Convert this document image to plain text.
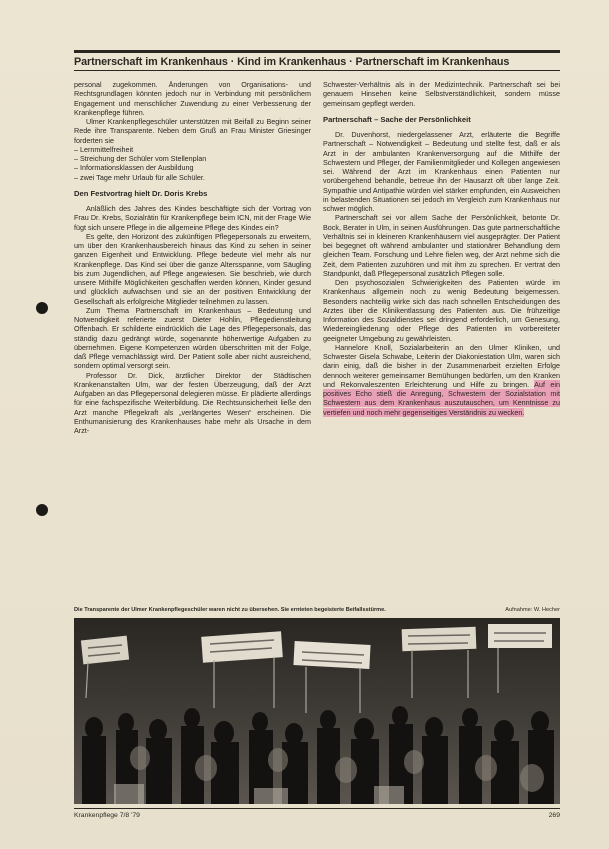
Partnerschaft im Krankenhaus · Kind im Krankenhaus · Partnerschaft im Krankenhaus

personal zugekommen. Änderungen von Organisations- und Rechtsgrundlagen könnten jedoch nur in Verbindung mit persönlichem Engagement und menschlicher Zuwendung zu einer Verbesserung der Krankenpflege führen.

Ulmer Krankenpflegeschüler unterstützen mit Beifall zu Beginn seiner Rede ihre Transparente. Neben dem Gruß an Frau Minister Griesinger forderten sie

– Lernmittelfreiheit
– Streichung der Schüler vom Stellenplan
– Informationsklassen der Ausbildung
– zwei Tage mehr Urlaub für alle Schüler.
Den Festvortrag hielt Dr. Doris Krebs

Anläßlich des Jahres des Kindes beschäftigte sich der Vortrag von Frau Dr. Krebs, Sozialrätin für Krankenpflege beim ICN, mit der Frage Wie fügt sich unsere Pflege in die allgemeine Pflege des Kindes ein?

Es gelte, den Horizont des zukünftigen Pflegepersonals zu erweitern, um über den Krankenhausbereich hinaus das Kind zu sehen in seiner ganzen Eigenheit und Entwicklung. Pflege bedeute viel mehr als nur Krankenpflege. Das Kind sei über die ganze Altersspanne, vom Säugling bis zum Jugendlichen, auf Pflege angewiesen. Sie beschrieb, wie durch unsere Mithilfe Möglichkeiten geschaffen werden können, Kinder gesund und glücklich aufwachsen und sie an der positiven Entwicklung der Gesellschaft als erfolgreiche Mitglieder teilnehmen zu lassen.

Zum Thema Partnerschaft im Krankenhaus – Bedeutung und Notwendigkeit referierte zuerst Dieter Hohlin, Pflegedienstleitung Offenbach. Er schilderte eindrücklich die Lage des Pflegepersonals, das ständig dazu gedrängt würde, sogenannte höherwertige Aufgaben zu übernehmen. Eigene Kompetenzen würden überschritten mit der Folge, daß Pflege vernachlässigt wird. Der Patient solle aber nicht ausreichend, sondern optimal versorgt sein.

Professor Dr. Dick, ärztlicher Direktor der Städtischen Krankenanstalten Ulm, war der festen Überzeugung, daß der Arzt Aufgaben an das Pflegepersonal delegieren müsse. Er plädierte allerdings für eine fachspezifische Weiterbildung. Die Rechtsunsicherheit ließe den Arzt manche Pflegekraft als „verlängertes Wesen“ erscheinen. Die Enthumanisierung des Krankenhauses habe mehr als Ursache in dem Arzt-

Schwester-Verhältnis als in der Medizintechnik. Partnerschaft sei bei genauem Hinsehen keine Selbstverständlichkeit, sondern müsse gemeinsam gepflegt werden.

Partnerschaft – Sache der Persönlichkeit

Dr. Duvenhorst, niedergelassener Arzt, erläuterte die Begriffe Partnerschaft – Notwendigkeit – Bedeutung und stellte fest, daß er als Arzt in der ambulanten Krankenversorgung auf die Mithilfe der Schwestern und Pfleger, der Familienmitglieder und Kollegen angewiesen sei. Während der Arzt im Krankenhaus einen Patienten nur vorübergehend behandle, betreue ihn der Hausarzt oft über lange Zeit. Sympathie und Antipathie würden viel stärker empfunden, ein Ausweichen in belastenden Situationen sei jedoch im Vergleich zum Krankenhaus nur schwer möglich.

Partnerschaft sei vor allem Sache der Persönlichkeit, betonte Dr. Bock, Berater in Ulm, in seinen Ausführungen. Das gute partnerschaftliche Verhältnis sei in kleineren Krankenhäusern viel ausgeprägter. Der Patient bei begegnet oft während ambulanter und stationärer Behandlung dem gleichen Team. Forschung und Lehre fielen weg, der Arzt nehme sich die Zeit, dem Patienten zuzuhören und mit ihm zu sprechen. Er vertrat den Standpunkt, daß Pflegepersonal zusätzlich Pflegen solle.

Den psychosozialen Schwierigkeiten des Patienten würde im Krankenhaus allgemein noch zu wenig Bedeutung beigemessen. Besonders nachteilig wirke sich das nach schnellen Entscheidungen des Arztes über die Klinikentlassung des Patienten aus. Die frühzeitige Information des Sozialdienstes sei dringend erforderlich, um Genesung, Wiedereingliederung oder Pflege des Patienten im vorbereiteter geeigneter Umgebung zu gewährleisten.

Hannelore Knoll, Sozialarbeiterin an den Ulmer Kliniken, und Schwester Gisela Schwabe, Leiterin der Diakoniestation Ulm, waren sich darin einig, daß die bisher in der Zusammenarbeit erzielten Erfolge dennoch weiterer gemeinsamer Bemühungen bedürfen, um den Kranken und Rekonvaleszenten Erleichterung und Hilfe zu bringen. Auf ein positives Echo stieß die Anregung, Schwestern der Sozialstation mit Schwestern aus dem Krankenhaus auszutauschen, um Kenntnisse zu vertiefen und noch mehr gegenseitiges Verständnis zu wecken.

Die Transparente der Ulmer Krankenpflegeschüler waren nicht zu übersehen. Sie ernteten begeisterte Beifallsstürme.	Aufnahme: W. Hecher
Krankenpflege 7/8 '79	269
